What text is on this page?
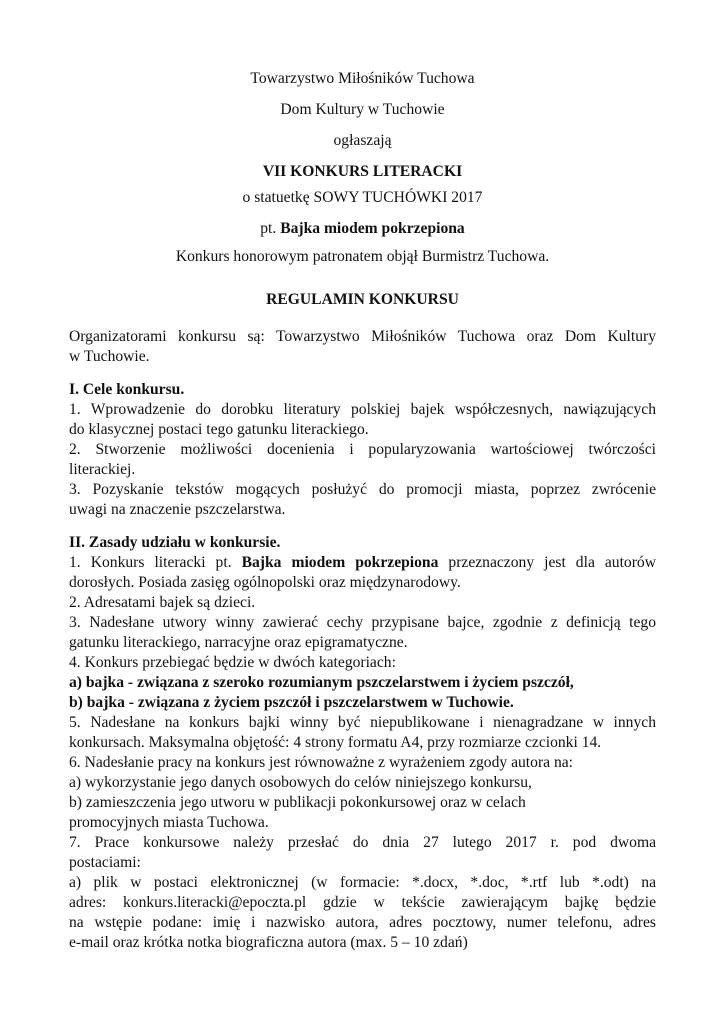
Towarzystwo Miłośników Tuchowa
Dom Kultury w Tuchowie
ogłaszają
VII KONKURS LITERACKI
o statuetkę SOWY TUCHÓWKI 2017
pt. Bajka miodem pokrzepiona
Konkurs honorowym patronatem objął Burmistrz Tuchowa.
REGULAMIN KONKURSU
Organizatorami konkursu są: Towarzystwo Miłośników Tuchowa oraz Dom Kultury
w Tuchowie.
I. Cele konkursu.
1. Wprowadzenie do dorobku literatury polskiej bajek współczesnych, nawiązujących
do klasycznej postaci tego gatunku literackiego.
2. Stworzenie możliwości docenienia i popularyzowania wartościowej twórczości
literackiej.
3. Pozyskanie tekstów mogących posłużyć do promocji miasta, poprzez zwrócenie
uwagi na znaczenie pszczelarstwa.
II. Zasady udziału w konkursie.
1. Konkurs literacki pt. Bajka miodem pokrzepiona przeznaczony jest dla autorów
dorosłych. Posiada zasięg ogólnopolski oraz międzynarodowy.
2. Adresatami bajek są dzieci.
3. Nadesłane utwory winny zawierać cechy przypisane bajce, zgodnie z definicją tego
gatunku literackiego, narracyjne oraz epigramatyczne.
4. Konkurs przebiegać będzie w dwóch kategoriach:
a) bajka - związana z szeroko rozumianym pszczelarstwem i życiem pszczół,
b) bajka - związana z życiem pszczół i pszczelarstwem w Tuchowie.
5. Nadesłane na konkurs bajki winny być niepublikowane i nienagradzane w innych
konkursach. Maksymalna objętość: 4 strony formatu A4, przy rozmiarze czcionki 14.
6. Nadesłanie pracy na konkurs jest równoważne z wyrażeniem zgody autora na:
a) wykorzystanie jego danych osobowych do celów niniejszego konkursu,
b) zamieszczenia jego utworu w publikacji pokonkursowej oraz w celach
promocyjnych miasta Tuchowa.
7. Prace konkursowe należy przesłać do dnia 27 lutego 2017 r. pod dwoma
postaciami:
a) plik w postaci elektronicznej (w formacie: *.docx, *.doc, *.rtf lub *.odt) na
adres: konkurs.literacki@epoczta.pl gdzie w tekście zawierającym bajkę będzie
na wstępie podane: imię i nazwisko autora, adres pocztowy, numer telefonu, adres
e-mail oraz krótka notka biograficzna autora (max. 5 – 10 zdań)
